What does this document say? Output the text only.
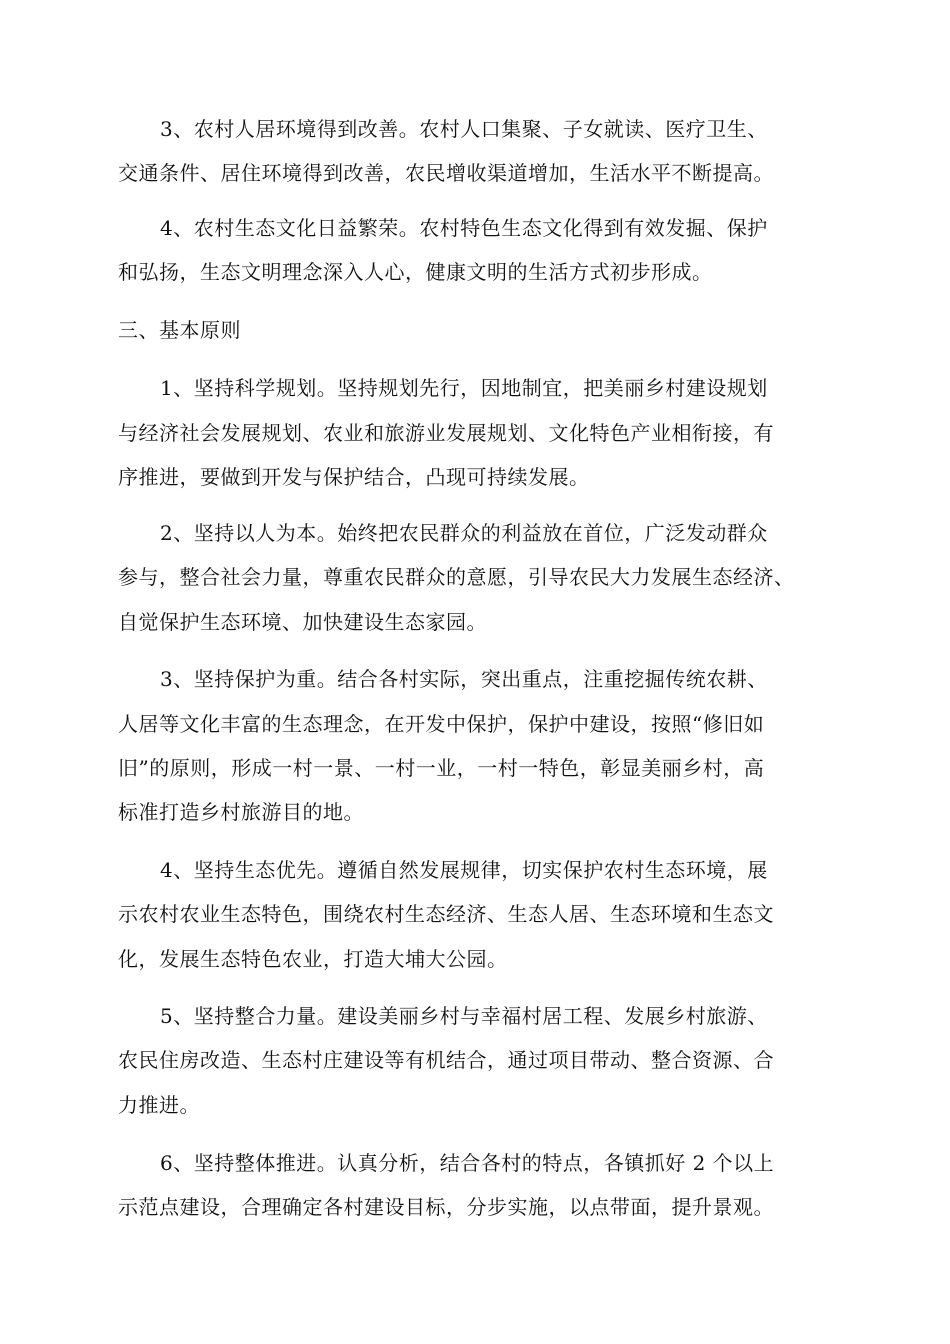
3、农村人居环境得到改善。农村人口集聚、子女就读、医疗卫生、
交通条件、居住环境得到改善，农民增收渠道增加，生活水平不断提高。
4、农村生态文化日益繁荣。农村特色生态文化得到有效发掘、保护
和弘扬，生态文明理念深入人心，健康文明的生活方式初步形成。
三、基本原则
1、坚持科学规划。坚持规划先行，因地制宜，把美丽乡村建设规划
与经济社会发展规划、农业和旅游业发展规划、文化特色产业相衔接，有
序推进，要做到开发与保护结合，凸现可持续发展。
2、坚持以人为本。始终把农民群众的利益放在首位，广泛发动群众
参与，整合社会力量，尊重农民群众的意愿，引导农民大力发展生态经济、
自觉保护生态环境、加快建设生态家园。
3、坚持保护为重。结合各村实际，突出重点，注重挖掘传统农耕、
人居等文化丰富的生态理念，在开发中保护，保护中建设，按照“修旧如
旧”的原则，形成一村一景、一村一业，一村一特色，彰显美丽乡村，高
标准打造乡村旅游目的地。
4、坚持生态优先。遵循自然发展规律，切实保护农村生态环境，展
示农村农业生态特色，围绕农村生态经济、生态人居、生态环境和生态文
化，发展生态特色农业，打造大埔大公园。
5、坚持整合力量。建设美丽乡村与幸福村居工程、发展乡村旅游、
农民住房改造、生态村庄建设等有机结合，通过项目带动、整合资源、合
力推进。
6、坚持整体推进。认真分析，结合各村的特点，各镇抓好 2 个以上
示范点建设，合理确定各村建设目标，分步实施，以点带面，提升景观。
